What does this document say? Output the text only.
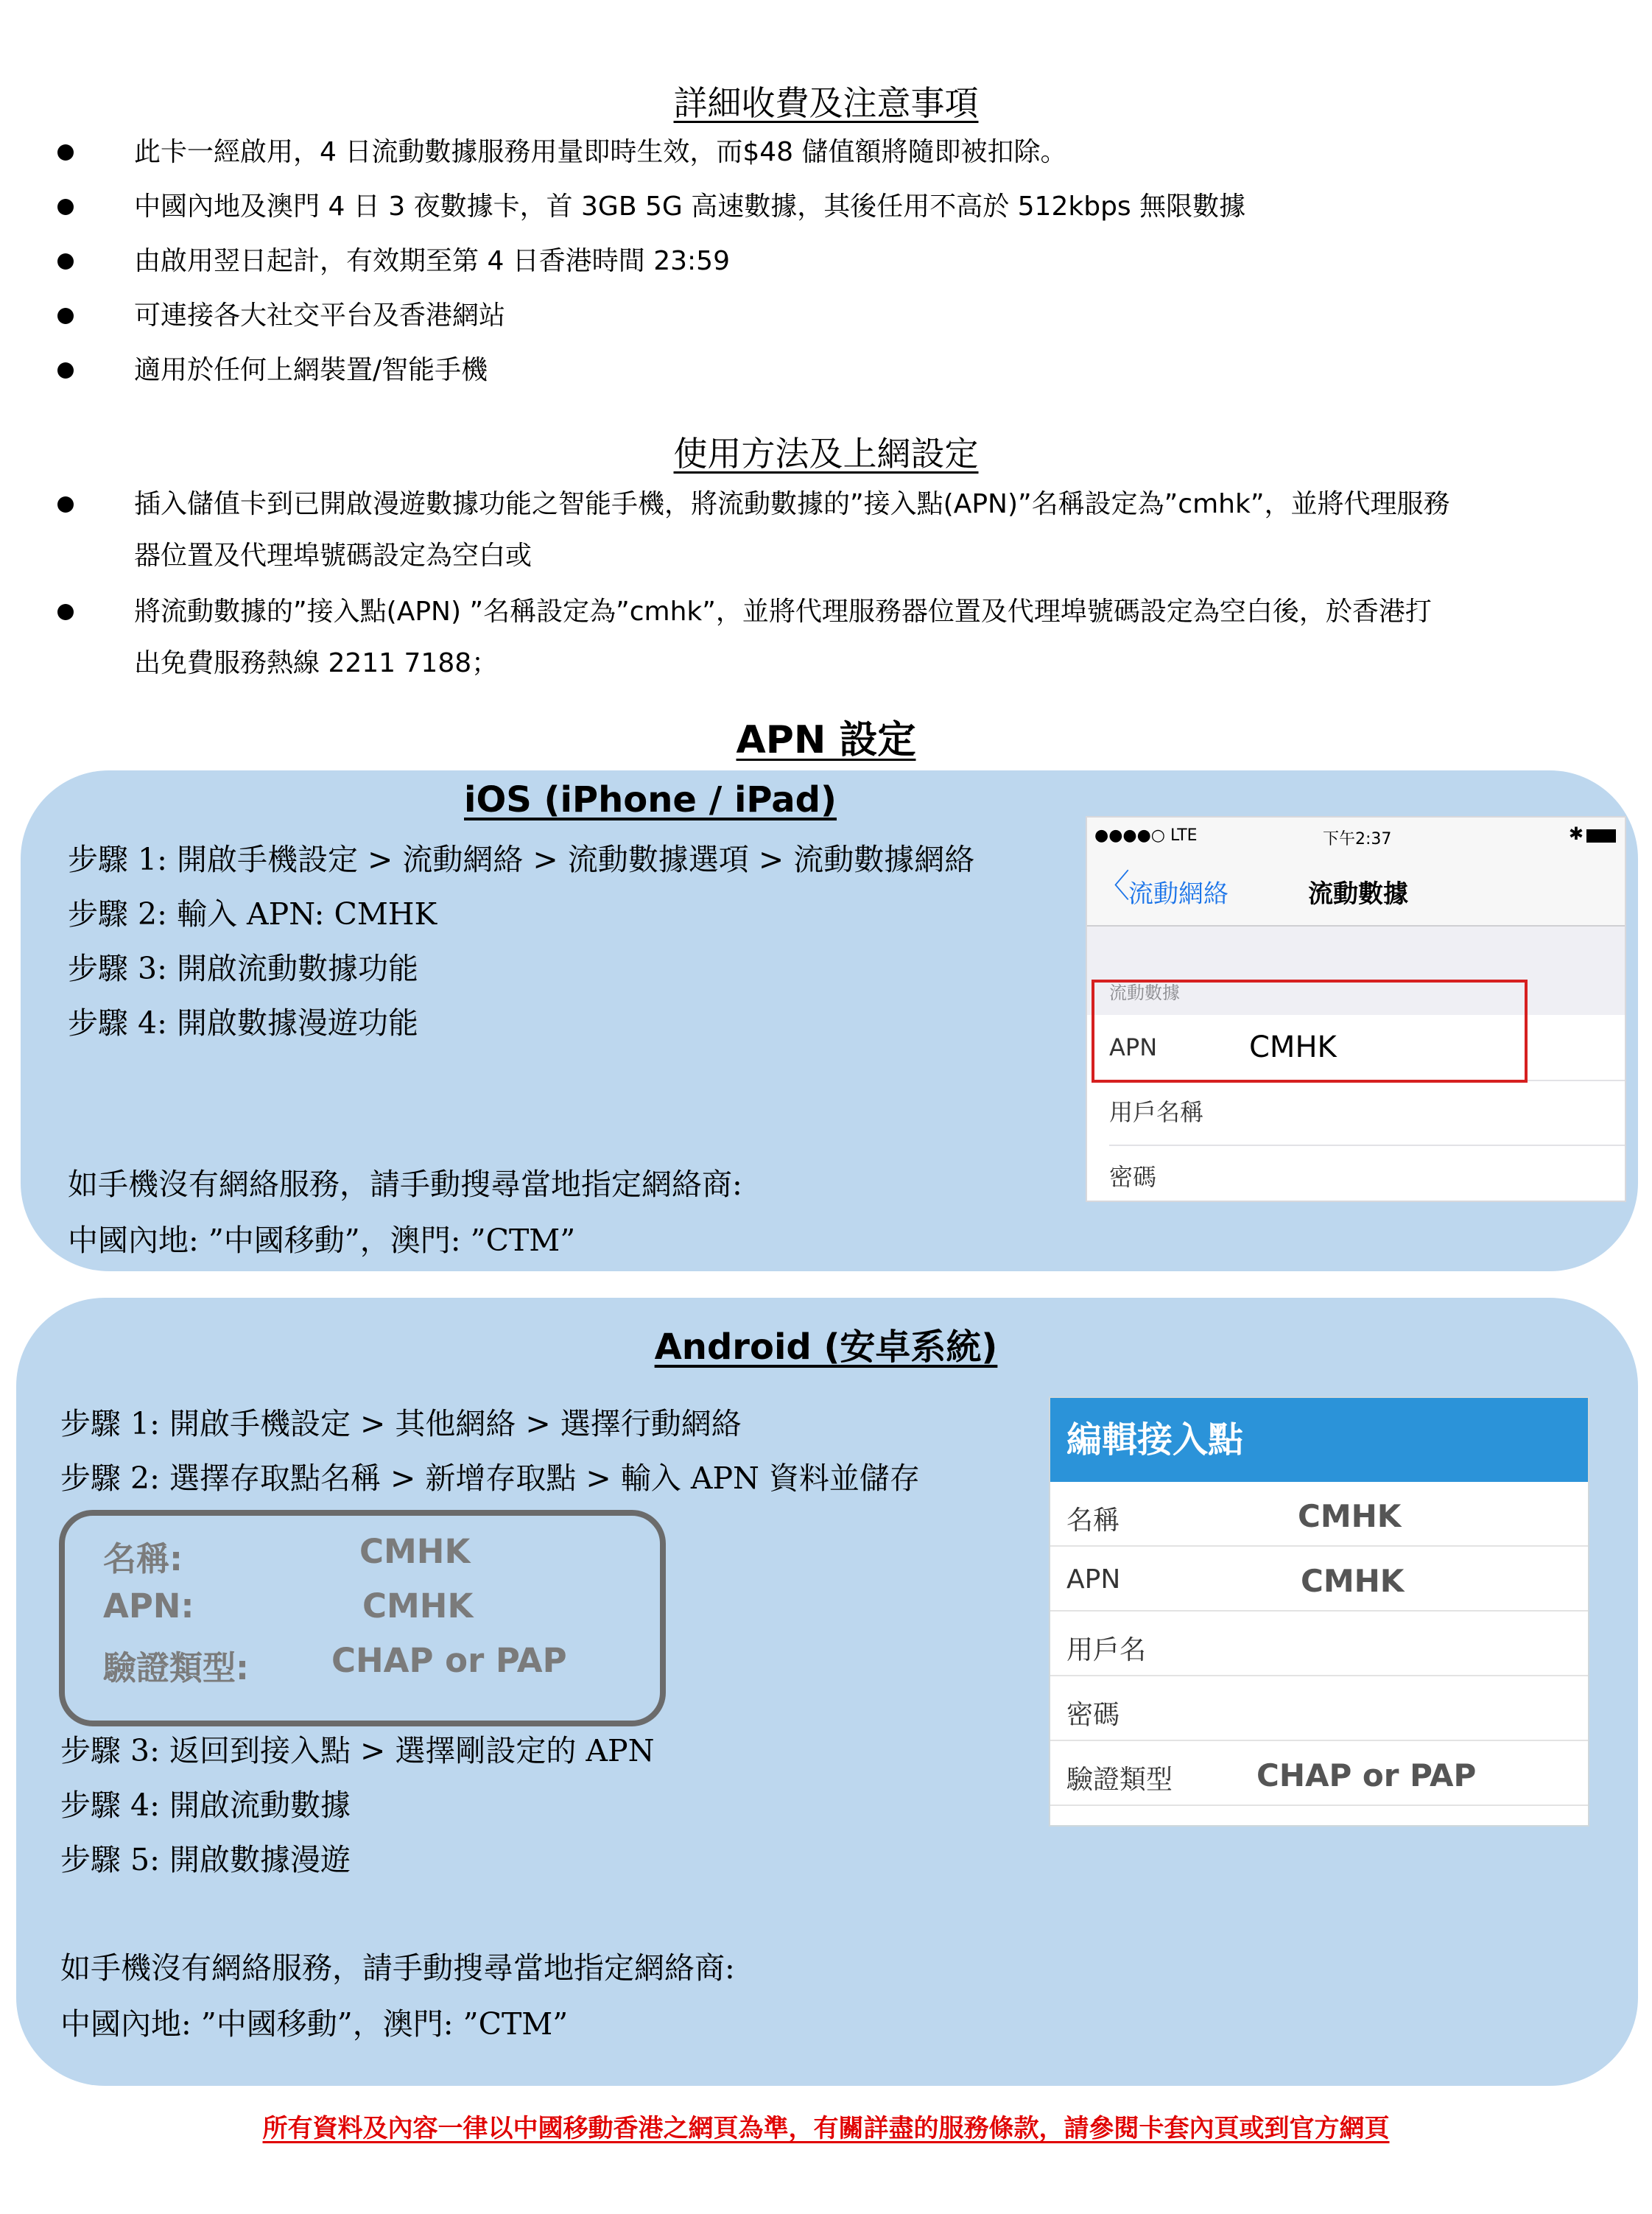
詳細收費及注意事項
此卡一經啟用，4 日流動數據服務用量即時生效，而$48 儲值額將隨即被扣除。
中國內地及澳門 4 日 3 夜數據卡，首 3GB 5G 高速數據，其後任用不高於 512kbps 無限數據
由啟用翌日起計，有效期至第 4 日香港時間 23:59
可連接各大社交平台及香港網站
適用於任何上網裝置/智能手機
使用方法及上網設定
插入儲值卡到已開啟漫遊數據功能之智能手機，將流動數據的”接入點(APN)”名稱設定為”cmhk”，並將代理服務
器位置及代理埠號碼設定為空白或
將流動數據的”接入點(APN) ”名稱設定為”cmhk”，並將代理服務器位置及代理埠號碼設定為空白後，於香港打
出免費服務熱線 2211 7188；
APN 設定
iOS (iPhone / iPad)
步驟 1: 開啟手機設定 > 流動網絡 > 流動數據選項 > 流動數據網絡
步驟 2: 輸入 APN: CMHK
步驟 3: 開啟流動數據功能
步驟 4: 開啟數據漫遊功能
如手機沒有網絡服務，請手動搜尋當地指定網絡商:
中國內地: ”中國移動”，澳門: ”CTM”
●●●●○ LTE	下午2:37	✱
〈
流動網絡	流動數據
流動數據
APN	CMHK
用戶名稱
密碼
Android (安卓系統)
步驟 1: 開啟手機設定 > 其他網絡 > 選擇行動網絡
步驟 2: 選擇存取點名稱 > 新增存取點 > 輸入 APN 資料並儲存
名稱:	CMHK
APN:	CMHK
驗證類型: CHAP or PAP
步驟 3: 返回到接入點 > 選擇剛設定的 APN
步驟 4: 開啟流動數據
步驟 5: 開啟數據漫遊
如手機沒有網絡服務，請手動搜尋當地指定網絡商:
中國內地: ”中國移動”，澳門: ”CTM”
編輯接入點
名稱	CMHK
APN	CMHK
用戶名
密碼
驗證類型	CHAP or PAP
所有資料及內容一律以中國移動香港之網頁為準，有關詳盡的服務條款，請參閱卡套內頁或到官方網頁
